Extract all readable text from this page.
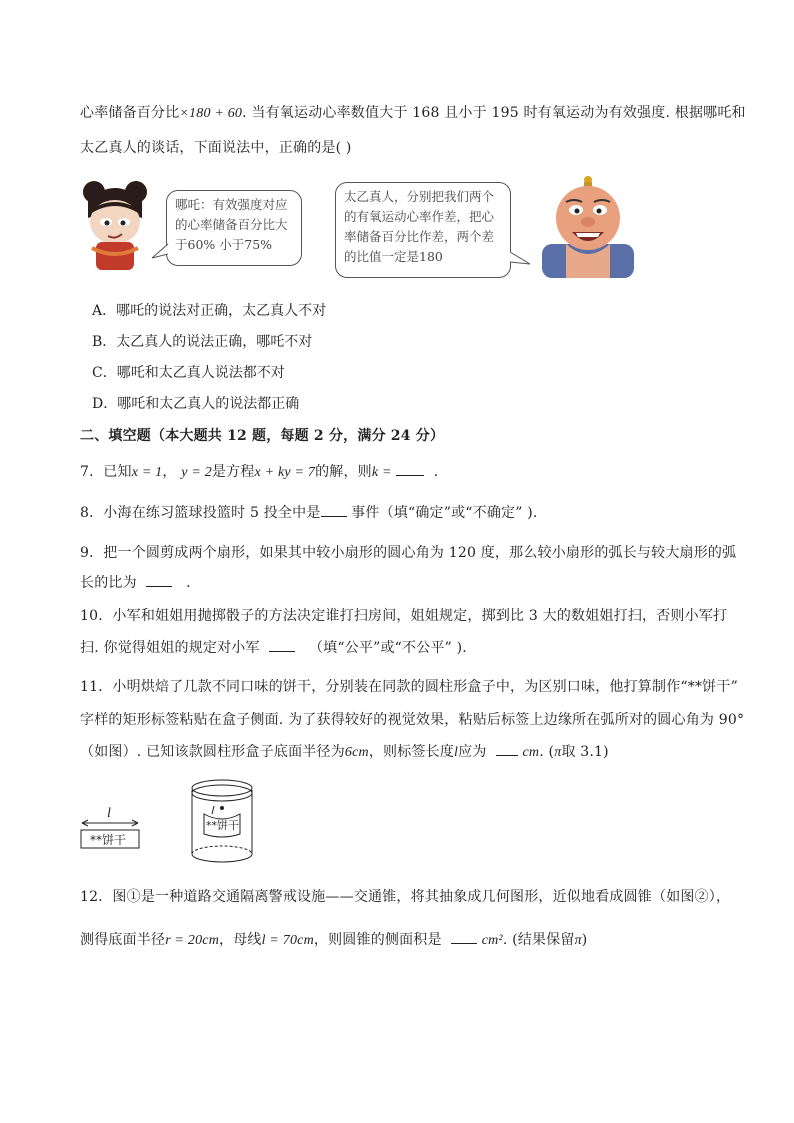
心率储备百分比×180 + 60. 当有氧运动心率数值大于 168 且小于 195 时有氧运动为有效强度. 根据哪吒和
太乙真人的谈话，下面说法中，正确的是( )
哪吒：有效强度对应
的心率储备百分比大
于60% 小于75%
太乙真人，分别把我们两个
的有氧运动心率作差，把心
率储备百分比作差，两个差
的比值一定是180
A．哪吒的说法对正确，太乙真人不对
B．太乙真人的说法正确，哪吒不对
C．哪吒和太乙真人说法都不对
D．哪吒和太乙真人的说法都正确
二、填空题（本大题共 12 题，每题 2 分，满分 24 分）
7．已知x = 1， y = 2是方程x + ky = 7的解，则k =	.
8．小海在练习篮球投篮时 5 投全中是 事件（填“确定”或“不确定” ).
9．把一个圆剪成两个扇形，如果其中较小扇形的圆心角为 120 度，那么较小扇形的弧长与较大扇形的弧
长的比为	.
10．小军和姐姐用抛掷骰子的方法决定谁打扫房间，姐姐规定，掷到比 3 大的数姐姐打扫，否则小军打
扫. 你觉得姐姐的规定对小军	（填“公平”或“不公平” ).
11．小明烘焙了几款不同口味的饼干，分别装在同款的圆柱形盒子中，为区别口味，他打算制作“**饼干”
字样的矩形标签粘贴在盒子侧面. 为了获得较好的视觉效果，粘贴后标签上边缘所在弧所对的圆心角为 90°
（如图）. 已知该款圆柱形盒子底面半径为6cm，则标签长度l应为	cm. (π取 3.1)
l
**饼干
**饼干
12．图①是一种道路交通隔离警戒设施——交通锥，将其抽象成几何图形，近似地看成圆锥（如图②），
测得底面半径r = 20cm，母线l = 70cm，则圆锥的侧面积是	cm². (结果保留π)
